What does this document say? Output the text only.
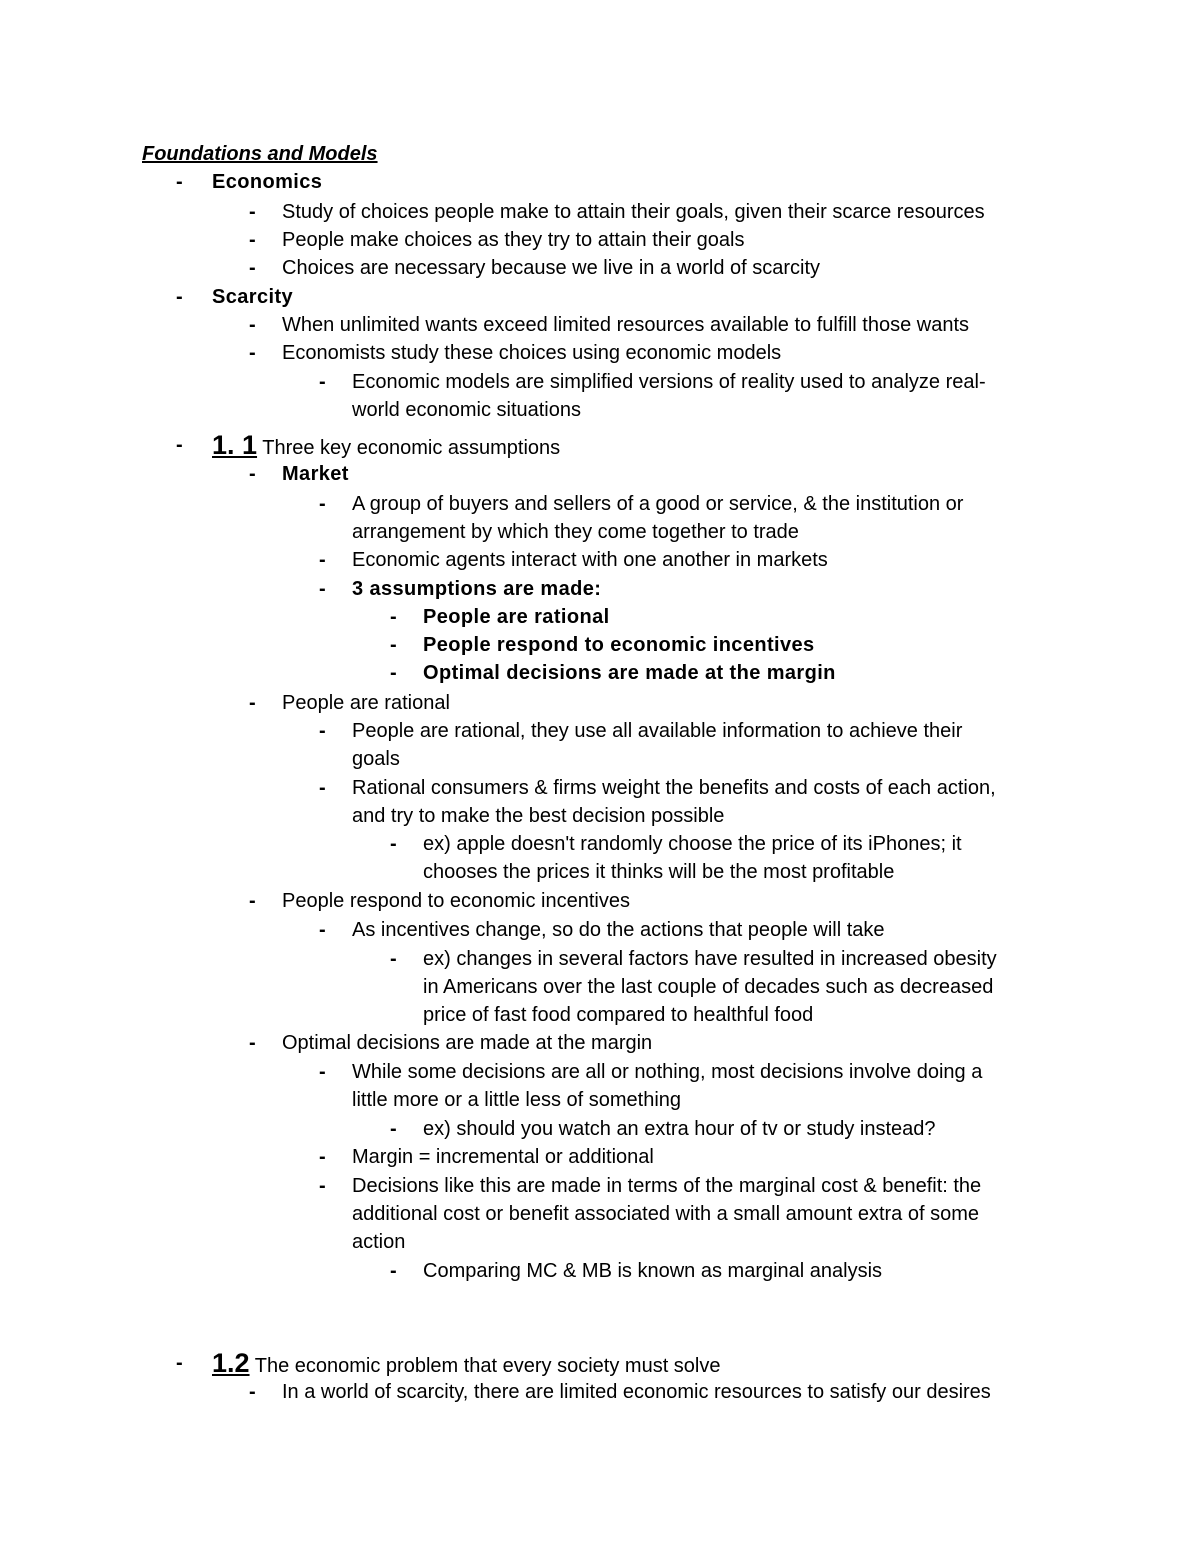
Foundations and Models
- Economics
- Study of choices people make to attain their goals, given their scarce resources
- People make choices as they try to attain their goals
- Choices are necessary because we live in a world of scarcity
- Scarcity
- When unlimited wants exceed limited resources available to fulfill those wants
- Economists study these choices using economic models
- Economic models are simplified versions of reality used to analyze real-
world economic situations
- 1. 1 Three key economic assumptions
- Market
- A group of buyers and sellers of a good or service, & the institution or
arrangement by which they come together to trade
- Economic agents interact with one another in markets
- 3 assumptions are made:
- People are rational
- People respond to economic incentives
- Optimal decisions are made at the margin
- People are rational
- People are rational, they use all available information to achieve their
goals
- Rational consumers & firms weight the benefits and costs of each action,
and try to make the best decision possible
- ex) apple doesn't randomly choose the price of its iPhones; it
chooses the prices it thinks will be the most profitable
- People respond to economic incentives
- As incentives change, so do the actions that people will take
- ex) changes in several factors have resulted in increased obesity
in Americans over the last couple of decades such as decreased
price of fast food compared to healthful food
- Optimal decisions are made at the margin
- While some decisions are all or nothing, most decisions involve doing a
little more or a little less of something
- ex) should you watch an extra hour of tv or study instead?
- Margin = incremental or additional
- Decisions like this are made in terms of the marginal cost & benefit: the
additional cost or benefit associated with a small amount extra of some
action
- Comparing MC & MB is known as marginal analysis
- 1.2 The economic problem that every society must solve
- In a world of scarcity, there are limited economic resources to satisfy our desires
